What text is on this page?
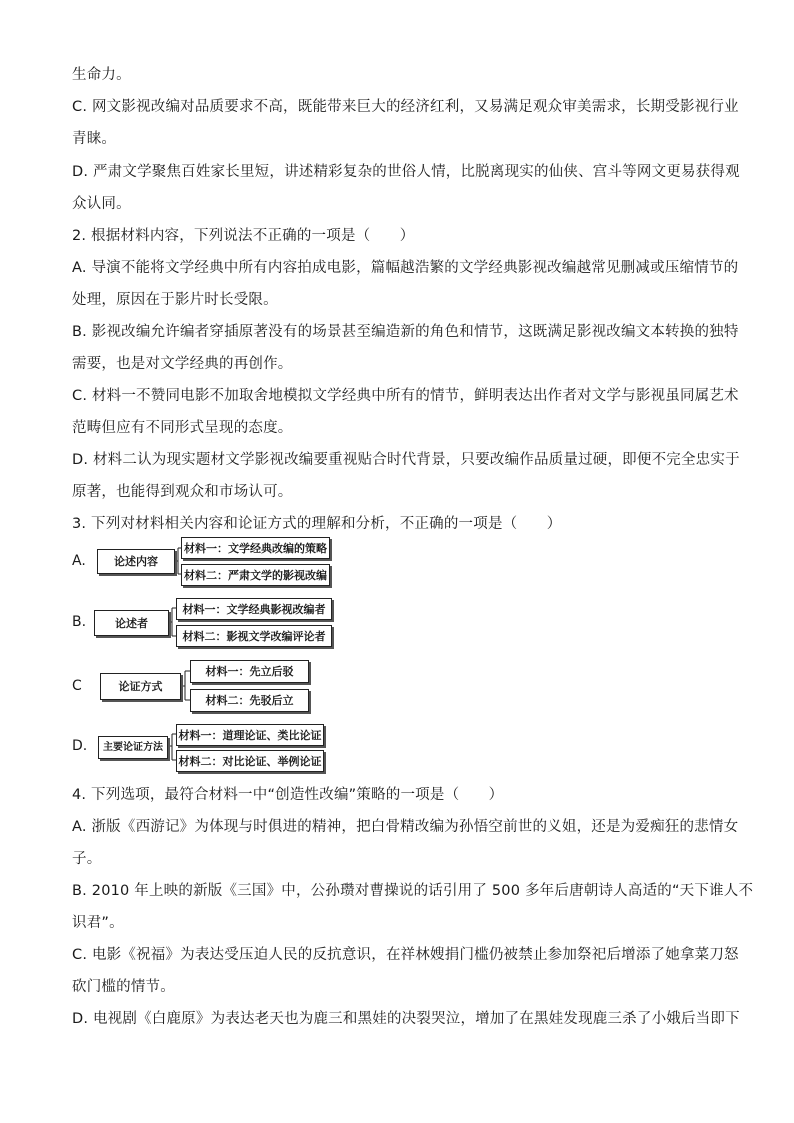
生命力。
C. 网文影视改编对品质要求不高，既能带来巨大的经济红利，又易满足观众审美需求，长期受影视行业
青睐。
D. 严肃文学聚焦百姓家长里短，讲述精彩复杂的世俗人情，比脱离现实的仙侠、宫斗等网文更易获得观
众认同。
2. 根据材料内容，下列说法不正确的一项是（　　）
A. 导演不能将文学经典中所有内容拍成电影，篇幅越浩繁的文学经典影视改编越常见删减或压缩情节的
处理，原因在于影片时长受限。
B. 影视改编允许编者穿插原著没有的场景甚至编造新的角色和情节，这既满足影视改编文本转换的独特
需要，也是对文学经典的再创作。
C. 材料一不赞同电影不加取舍地模拟文学经典中所有的情节，鲜明表达出作者对文学与影视虽同属艺术
范畴但应有不同形式呈现的态度。
D. 材料二认为现实题材文学影视改编要重视贴合时代背景，只要改编作品质量过硬，即便不完全忠实于
原著，也能得到观众和市场认可。
3. 下列对材料相关内容和论证方式的理解和分析，不正确的一项是（　　）
A.	论述内容
材料一：文学经典改编的策略
材料二：严肃文学的影视改编
B.	论述者
材料一：文学经典影视改编者
材料二：影视文学改编评论者
C	论证方式
材料一：先立后驳
材料二：先驳后立
D.	主要论证方法
材料一：道理论证、类比论证
材料二：对比论证、举例论证
4. 下列选项，最符合材料一中“创造性改编”策略的一项是（　　）
A. 浙版《西游记》为体现与时俱进的精神，把白骨精改编为孙悟空前世的义姐，还是为爱痴狂的悲情女
子。
B. 2010 年上映的新版《三国》中，公孙瓒对曹操说的话引用了 500 多年后唐朝诗人高适的“天下谁人不
识君”。
C. 电影《祝福》为表达受压迫人民的反抗意识，在祥林嫂捐门槛仍被禁止参加祭祀后增添了她拿菜刀怒
砍门槛的情节。
D. 电视剧《白鹿原》为表达老天也为鹿三和黑娃的决裂哭泣，增加了在黑娃发现鹿三杀了小娥后当即下
